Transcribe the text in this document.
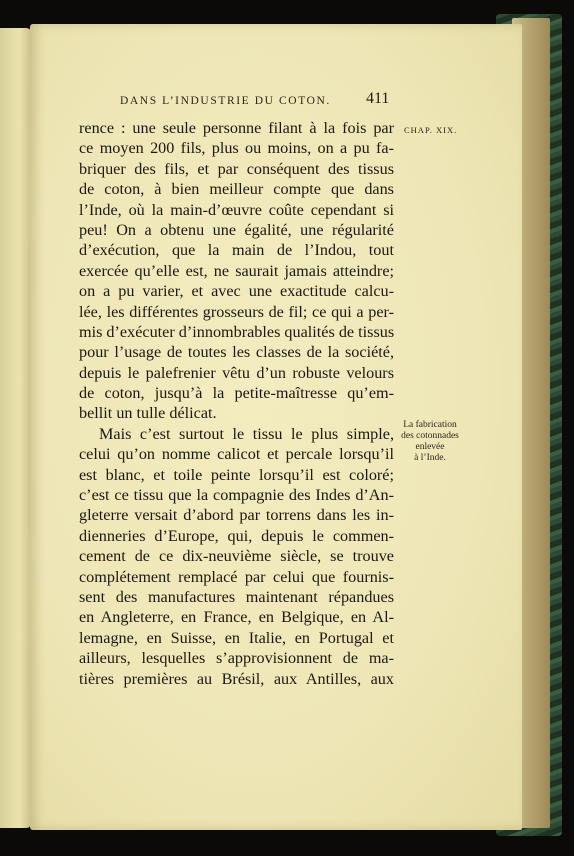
DANS L’INDUSTRIE DU COTON.	411
CHAP. XIX.
La fabrication
des cotonnades
enlevée
à l’Inde.
rence : une seule personne filant à la fois par
ce moyen 200 fils, plus ou moins, on a pu fa-
briquer des fils, et par conséquent des tissus
de coton, à bien meilleur compte que dans
l’Inde, où la main-d’œuvre coûte cependant si
peu! On a obtenu une égalité, une régularité
d’exécution, que la main de l’Indou, tout
exercée qu’elle est, ne saurait jamais atteindre;
on a pu varier, et avec une exactitude calcu-
lée, les différentes grosseurs de fil; ce qui a per-
mis d’exécuter d’innombrables qualités de tissus
pour l’usage de toutes les classes de la société,
depuis le palefrenier vêtu d’un robuste velours
de coton, jusqu’à la petite-maîtresse qu’em-
bellit un tulle délicat.
Mais c’est surtout le tissu le plus simple,
celui qu’on nomme calicot et percale lorsqu’il
est blanc, et toile peinte lorsqu’il est coloré;
c’est ce tissu que la compagnie des Indes d’An-
gleterre versait d’abord par torrens dans les in-
dienneries d’Europe, qui, depuis le commen-
cement de ce dix-neuvième siècle, se trouve
complétement remplacé par celui que fournis-
sent des manufactures maintenant répandues
en Angleterre, en France, en Belgique, en Al-
lemagne, en Suisse, en Italie, en Portugal et
ailleurs, lesquelles s’approvisionnent de ma-
tières premières au Brésil, aux Antilles, aux
